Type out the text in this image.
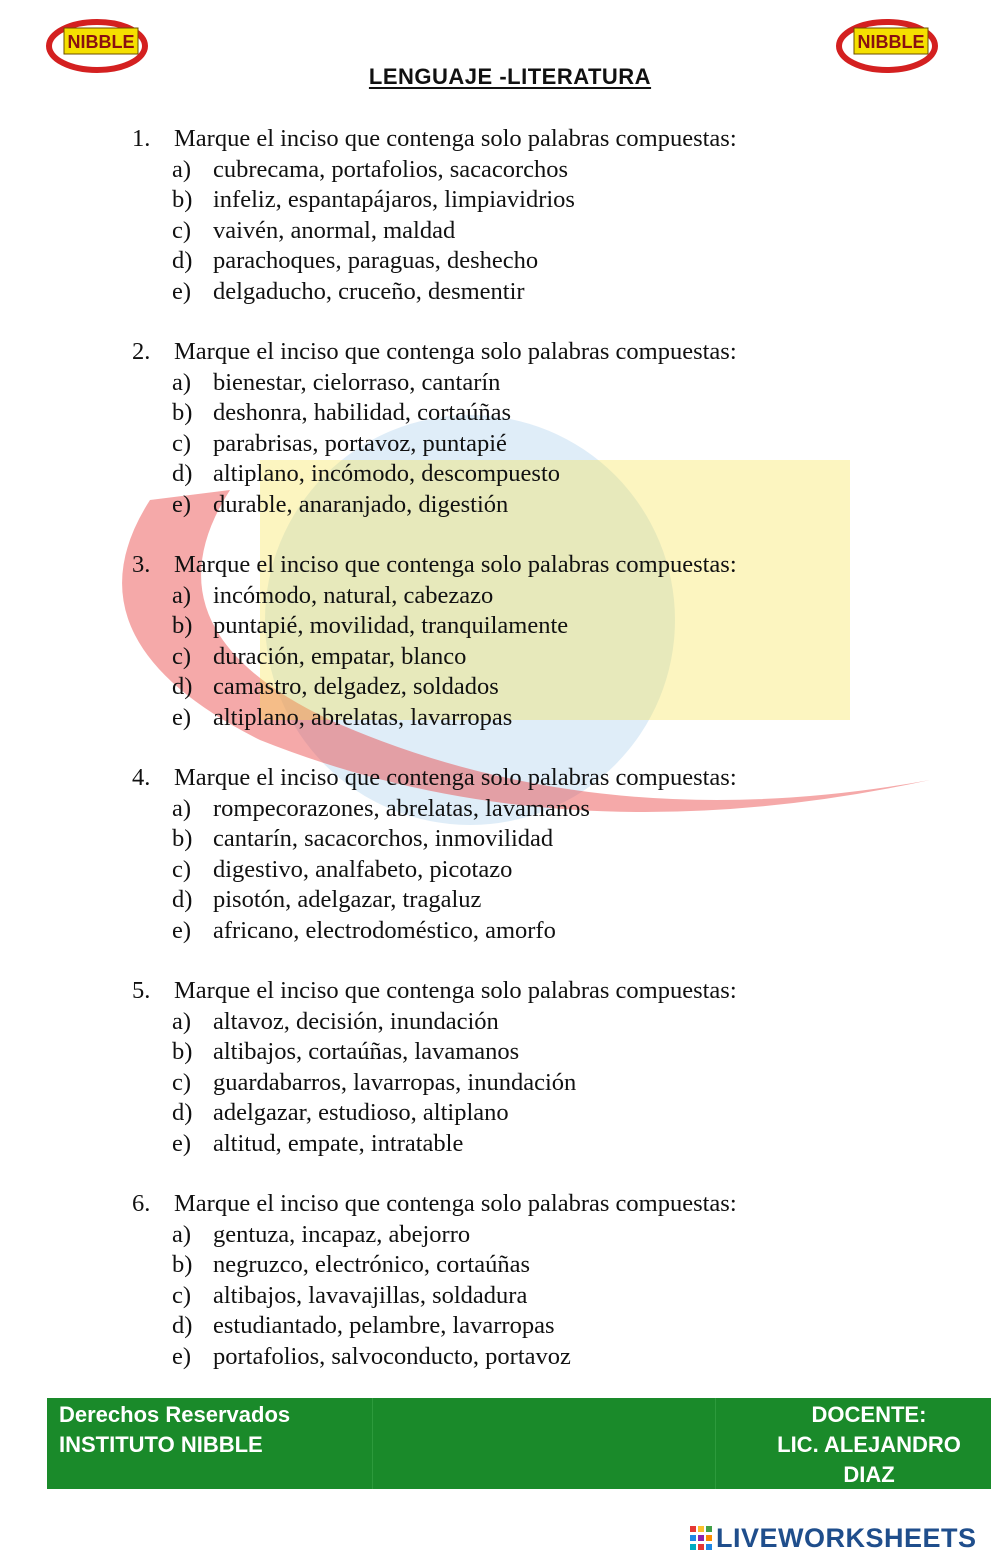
NIBBLE	NIBBLE
LENGUAJE -LITERATURA
1. Marque el inciso que contenga solo palabras compuestas:
a) cubrecama, portafolios, sacacorchos
b) infeliz, espantapájaros, limpiavidrios
c) vaivén, anormal, maldad
d) parachoques, paraguas, deshecho
e) delgaducho, cruceño, desmentir
2. Marque el inciso que contenga solo palabras compuestas:
a) bienestar, cielorraso, cantarín
b) deshonra, habilidad, cortaúñas
c) parabrisas, portavoz, puntapié
d) altiplano, incómodo, descompuesto
e) durable, anaranjado, digestión
3. Marque el inciso que contenga solo palabras compuestas:
a) incómodo, natural, cabezazo
b) puntapié, movilidad, tranquilamente
c) duración, empatar, blanco
d) camastro, delgadez, soldados
e) altiplano, abrelatas, lavarropas
4. Marque el inciso que contenga solo palabras compuestas:
a) rompecorazones, abrelatas, lavamanos
b) cantarín, sacacorchos, inmovilidad
c) digestivo, analfabeto, picotazo
d) pisotón, adelgazar, tragaluz
e) africano, electrodoméstico, amorfo
5. Marque el inciso que contenga solo palabras compuestas:
a) altavoz, decisión, inundación
b) altibajos, cortaúñas, lavamanos
c) guardabarros, lavarropas, inundación
d) adelgazar, estudioso, altiplano
e) altitud, empate, intratable
6. Marque el inciso que contenga solo palabras compuestas:
a) gentuza, incapaz, abejorro
b) negruzco, electrónico, cortaúñas
c) altibajos, lavavajillas, soldadura
d) estudiantado, pelambre, lavarropas
e) portafolios, salvoconducto, portavoz
Derechos Reservados
INSTITUTO NIBBLE
DOCENTE:
LIC. ALEJANDRO
DIAZ
LIVEWORKSHEETS
